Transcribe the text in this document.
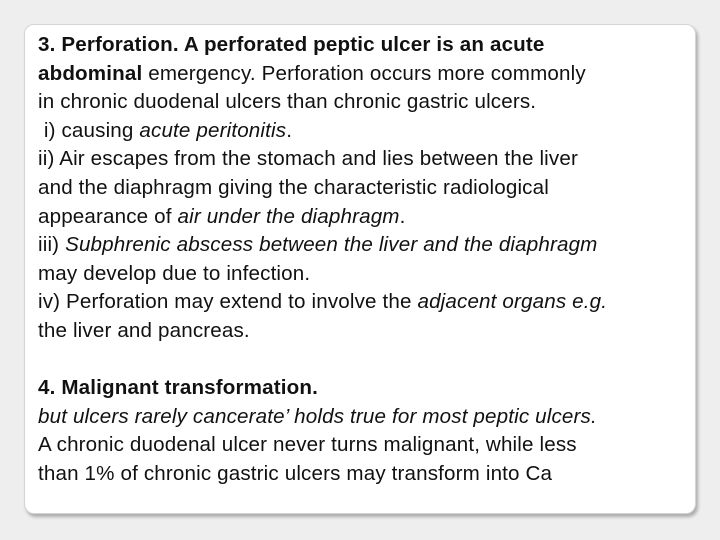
3. Perforation. A perforated peptic ulcer is an acute
abdominal emergency. Perforation occurs more commonly
in chronic duodenal ulcers than chronic gastric ulcers.
i) causing acute peritonitis.
ii) Air escapes from the stomach and lies between the liver
and the diaphragm giving the characteristic radiological
appearance of air under the diaphragm.
iii) Subphrenic abscess between the liver and the diaphragm
may develop due to infection.
iv) Perforation may extend to involve the adjacent organs e.g.
the liver and pancreas.
4. Malignant transformation.
but ulcers rarely cancerate’ holds true for most peptic ulcers.
A chronic duodenal ulcer never turns malignant, while less
than 1% of chronic gastric ulcers may transform into Ca
